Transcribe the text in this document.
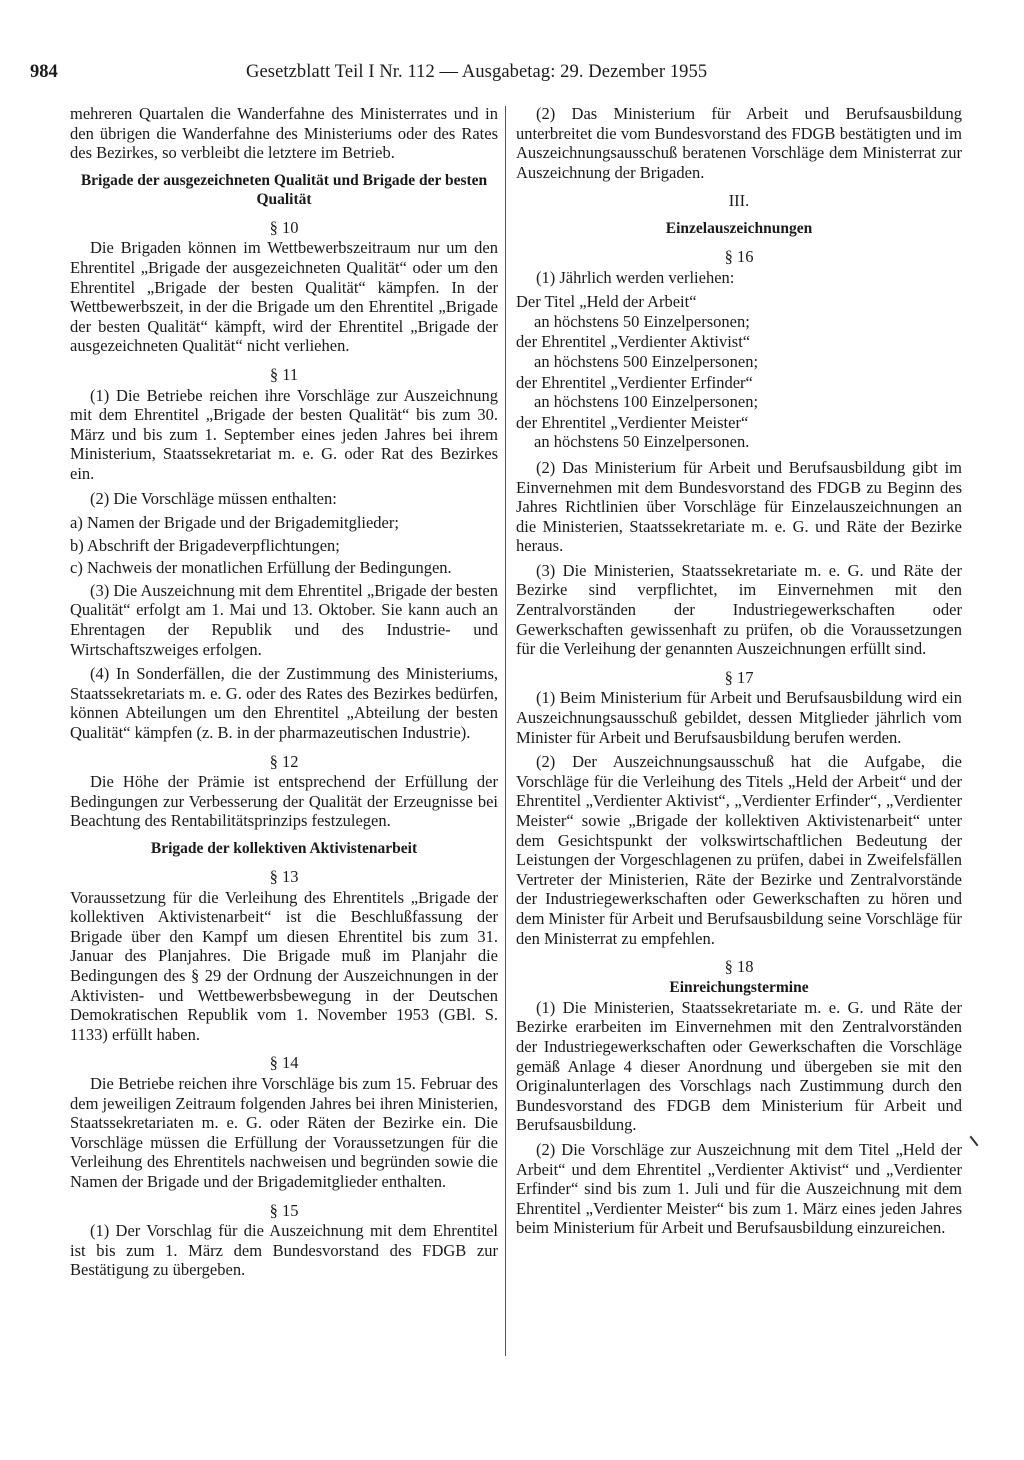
984	Gesetzblatt Teil I Nr. 112 — Ausgabetag: 29. Dezember 1955

mehreren Quartalen die Wanderfahne des Ministerrates und in den übrigen die Wanderfahne des Ministeriums oder des Rates des Bezirkes, so verbleibt die letztere im Betrieb.

Brigade der ausgezeichneten Qualität und Brigade der besten Qualität
§ 10

Die Brigaden können im Wettbewerbszeitraum nur um den Ehrentitel „Brigade der ausgezeichneten Qualität“ oder um den Ehrentitel „Brigade der besten Qualität“ kämpfen. In der Wettbewerbszeit, in der die Brigade um den Ehrentitel „Brigade der besten Qualität“ kämpft, wird der Ehrentitel „Brigade der ausgezeichneten Qualität“ nicht verliehen.

§ 11

(1) Die Betriebe reichen ihre Vorschläge zur Auszeichnung mit dem Ehrentitel „Brigade der besten Qualität“ bis zum 30. März und bis zum 1. September eines jeden Jahres bei ihrem Ministerium, Staatssekretariat m. e. G. oder Rat des Bezirkes ein.

(2) Die Vorschläge müssen enthalten:

a) Namen der Brigade und der Brigademitglieder;

b) Abschrift der Brigadeverpflichtungen;

c) Nachweis der monatlichen Erfüllung der Bedingungen.

(3) Die Auszeichnung mit dem Ehrentitel „Brigade der besten Qualität“ erfolgt am 1. Mai und 13. Oktober. Sie kann auch an Ehrentagen der Republik und des Industrie- und Wirtschaftszweiges erfolgen.

(4) In Sonderfällen, die der Zustimmung des Ministeriums, Staatssekretariats m. e. G. oder des Rates des Bezirkes bedürfen, können Abteilungen um den Ehrentitel „Abteilung der besten Qualität“ kämpfen (z. B. in der pharmazeutischen Industrie).

§ 12

Die Höhe der Prämie ist entsprechend der Erfüllung der Bedingungen zur Verbesserung der Qualität der Erzeugnisse bei Beachtung des Rentabilitätsprinzips festzulegen.

Brigade der kollektiven Aktivistenarbeit
§ 13

Voraussetzung für die Verleihung des Ehrentitels „Brigade der kollektiven Aktivistenarbeit“ ist die Beschlußfassung der Brigade über den Kampf um diesen Ehrentitel bis zum 31. Januar des Planjahres. Die Brigade muß im Planjahr die Bedingungen des § 29 der Ordnung der Auszeichnungen in der Aktivisten- und Wettbewerbsbewegung in der Deutschen Demokratischen Republik vom 1. November 1953 (GBl. S. 1133) erfüllt haben.

§ 14

Die Betriebe reichen ihre Vorschläge bis zum 15. Februar des dem jeweiligen Zeitraum folgenden Jahres bei ihren Ministerien, Staatssekretariaten m. e. G. oder Räten der Bezirke ein. Die Vorschläge müssen die Erfüllung der Voraussetzungen für die Verleihung des Ehrentitels nachweisen und begründen sowie die Namen der Brigade und der Brigademitglieder enthalten.

§ 15

(1) Der Vorschlag für die Auszeichnung mit dem Ehrentitel ist bis zum 1. März dem Bundesvorstand des FDGB zur Bestätigung zu übergeben.

(2) Das Ministerium für Arbeit und Berufsausbildung unterbreitet die vom Bundesvorstand des FDGB bestätigten und im Auszeichnungsausschuß beratenen Vorschläge dem Ministerrat zur Auszeichnung der Brigaden.

III.
Einzelauszeichnungen
§ 16

(1) Jährlich werden verliehen:

Der Titel „Held der Arbeit“
an höchstens 50 Einzelpersonen;
der Ehrentitel „Verdienter Aktivist“
an höchstens 500 Einzelpersonen;
der Ehrentitel „Verdienter Erfinder“
an höchstens 100 Einzelpersonen;
der Ehrentitel „Verdienter Meister“
an höchstens 50 Einzelpersonen.

(2) Das Ministerium für Arbeit und Berufsausbildung gibt im Einvernehmen mit dem Bundesvorstand des FDGB zu Beginn des Jahres Richtlinien über Vorschläge für Einzelauszeichnungen an die Ministerien, Staatssekretariate m. e. G. und Räte der Bezirke heraus.

(3) Die Ministerien, Staatssekretariate m. e. G. und Räte der Bezirke sind verpflichtet, im Einvernehmen mit den Zentralvorständen der Industriegewerkschaften oder Gewerkschaften gewissenhaft zu prüfen, ob die Voraussetzungen für die Verleihung der genannten Auszeichnungen erfüllt sind.

§ 17

(1) Beim Ministerium für Arbeit und Berufsausbildung wird ein Auszeichnungsausschuß gebildet, dessen Mitglieder jährlich vom Minister für Arbeit und Berufsausbildung berufen werden.

(2) Der Auszeichnungsausschuß hat die Aufgabe, die Vorschläge für die Verleihung des Titels „Held der Arbeit“ und der Ehrentitel „Verdienter Aktivist“, „Verdienter Erfinder“, „Verdienter Meister“ sowie „Brigade der kollektiven Aktivistenarbeit“ unter dem Gesichtspunkt der volkswirtschaftlichen Bedeutung der Leistungen der Vorgeschlagenen zu prüfen, dabei in Zweifelsfällen Vertreter der Ministerien, Räte der Bezirke und Zentralvorstände der Industriegewerkschaften oder Gewerkschaften zu hören und dem Minister für Arbeit und Berufsausbildung seine Vorschläge für den Ministerrat zu empfehlen.

§ 18
Einreichungstermine

(1) Die Ministerien, Staatssekretariate m. e. G. und Räte der Bezirke erarbeiten im Einvernehmen mit den Zentralvorständen der Industriegewerkschaften oder Gewerkschaften die Vorschläge gemäß Anlage 4 dieser Anordnung und übergeben sie mit den Originalunterlagen des Vorschlags nach Zustimmung durch den Bundesvorstand des FDGB dem Ministerium für Arbeit und Berufsausbildung.

(2) Die Vorschläge zur Auszeichnung mit dem Titel „Held der Arbeit“ und dem Ehrentitel „Verdienter Aktivist“ und „Verdienter Erfinder“ sind bis zum 1. Juli und für die Auszeichnung mit dem Ehrentitel „Verdienter Meister“ bis zum 1. März eines jeden Jahres beim Ministerium für Arbeit und Berufsausbildung einzureichen.
